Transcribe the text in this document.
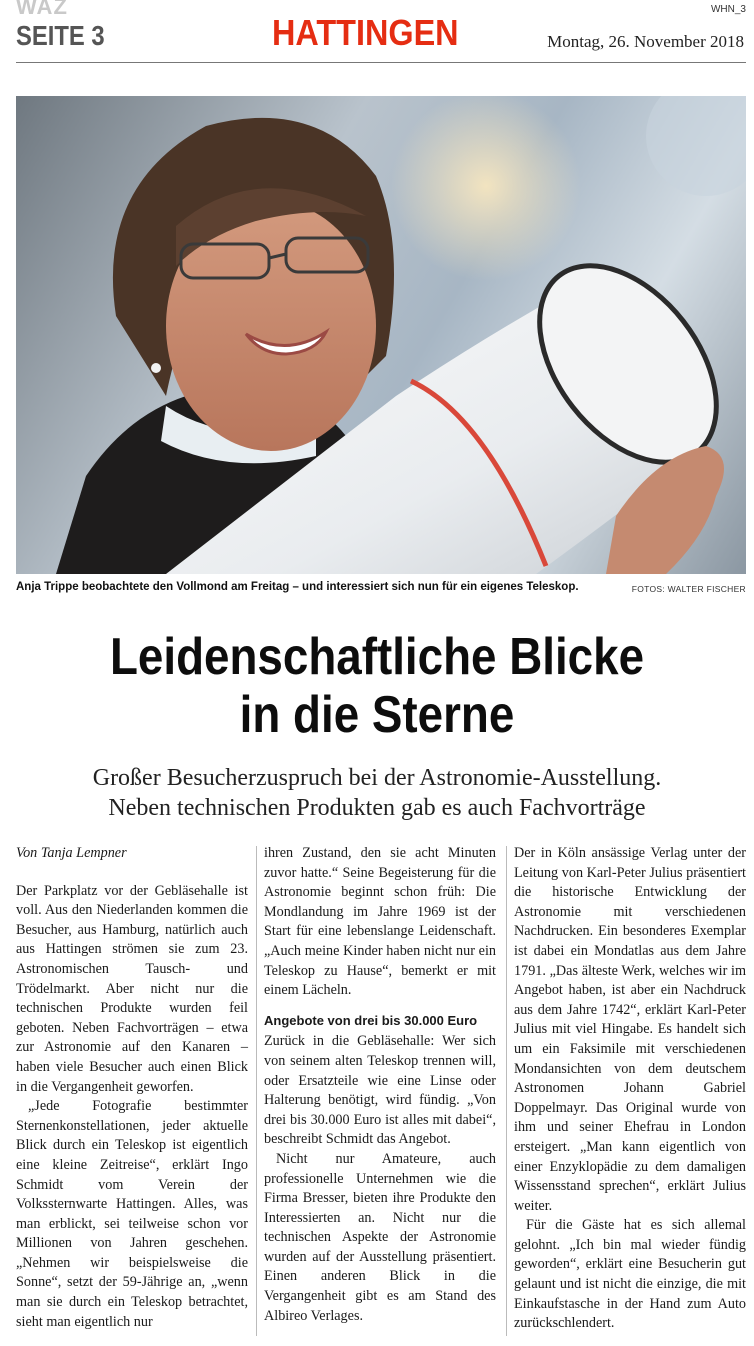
WAZ
SEITE 3	HATTINGEN
WHN_3
Montag, 26. November 2018
Anja Trippe beobachtete den Vollmond am Freitag – und interessiert sich nun für ein eigenes Teleskop.	FOTOS: WALTER FISCHER
Leidenschaftliche Blicke
in die Sterne
Großer Besucherzuspruch bei der Astronomie-Ausstellung.
Neben technischen Produkten gab es auch Fachvorträge

Von Tanja Lempner

Der Parkplatz vor der Gebläsehalle ist voll. Aus den Niederlanden kommen die Besucher, aus Hamburg, natürlich auch aus Hattingen strömen sie zum 23. Astronomischen Tausch- und Trödelmarkt. Aber nicht nur die technischen Produkte wurden feil geboten. Neben Fachvorträgen – etwa zur Astronomie auf den Kanaren – haben viele Besucher auch einen Blick in die Vergangenheit geworfen.

„Jede Fotografie bestimmter Sternenkonstellationen, jeder aktuelle Blick durch ein Teleskop ist eigentlich eine kleine Zeitreise“, erklärt Ingo Schmidt vom Verein der Volkssternwarte Hattingen. Alles, was man erblickt, sei teilweise schon vor Millionen von Jahren geschehen. „Nehmen wir beispielsweise die Sonne“, setzt der 59-Jährige an, „wenn man sie durch ein Teleskop betrachtet, sieht man eigentlich nur

ihren Zustand, den sie acht Minuten zuvor hatte.“ Seine Begeisterung für die Astronomie beginnt schon früh: Die Mondlandung im Jahre 1969 ist der Start für eine lebenslange Leidenschaft. „Auch meine Kinder haben nicht nur ein Teleskop zu Hause“, bemerkt er mit einem Lächeln.

Angebote von drei bis 30.000 Euro

Zurück in die Gebläsehalle: Wer sich von seinem alten Teleskop trennen will, oder Ersatzteile wie eine Linse oder Halterung benötigt, wird fündig. „Von drei bis 30.000 Euro ist alles mit dabei“, beschreibt Schmidt das Angebot.

Nicht nur Amateure, auch professionelle Unternehmen wie die Firma Bresser, bieten ihre Produkte den Interessierten an. Nicht nur die technischen Aspekte der Astronomie wurden auf der Ausstellung präsentiert. Einen anderen Blick in die Vergangenheit gibt es am Stand des Albireo Verlages.

Der in Köln ansässige Verlag unter der Leitung von Karl-Peter Julius präsentiert die historische Entwicklung der Astronomie mit verschiedenen Nachdrucken. Ein besonderes Exemplar ist dabei ein Mondatlas aus dem Jahre 1791. „Das älteste Werk, welches wir im Angebot haben, ist aber ein Nachdruck aus dem Jahre 1742“, erklärt Karl-Peter Julius mit viel Hingabe. Es handelt sich um ein Faksimile mit verschiedenen Mondansichten von dem deutschem Astronomen Johann Gabriel Doppelmayr. Das Original wurde von ihm und seiner Ehefrau in London ersteigert. „Man kann eigentlich von einer Enzyklopädie zu dem damaligen Wissensstand sprechen“, erklärt Julius weiter.

Für die Gäste hat es sich allemal gelohnt. „Ich bin mal wieder fündig geworden“, erklärt eine Besucherin gut gelaunt und ist nicht die einzige, die mit Einkaufstasche in der Hand zum Auto zurückschlendert.
